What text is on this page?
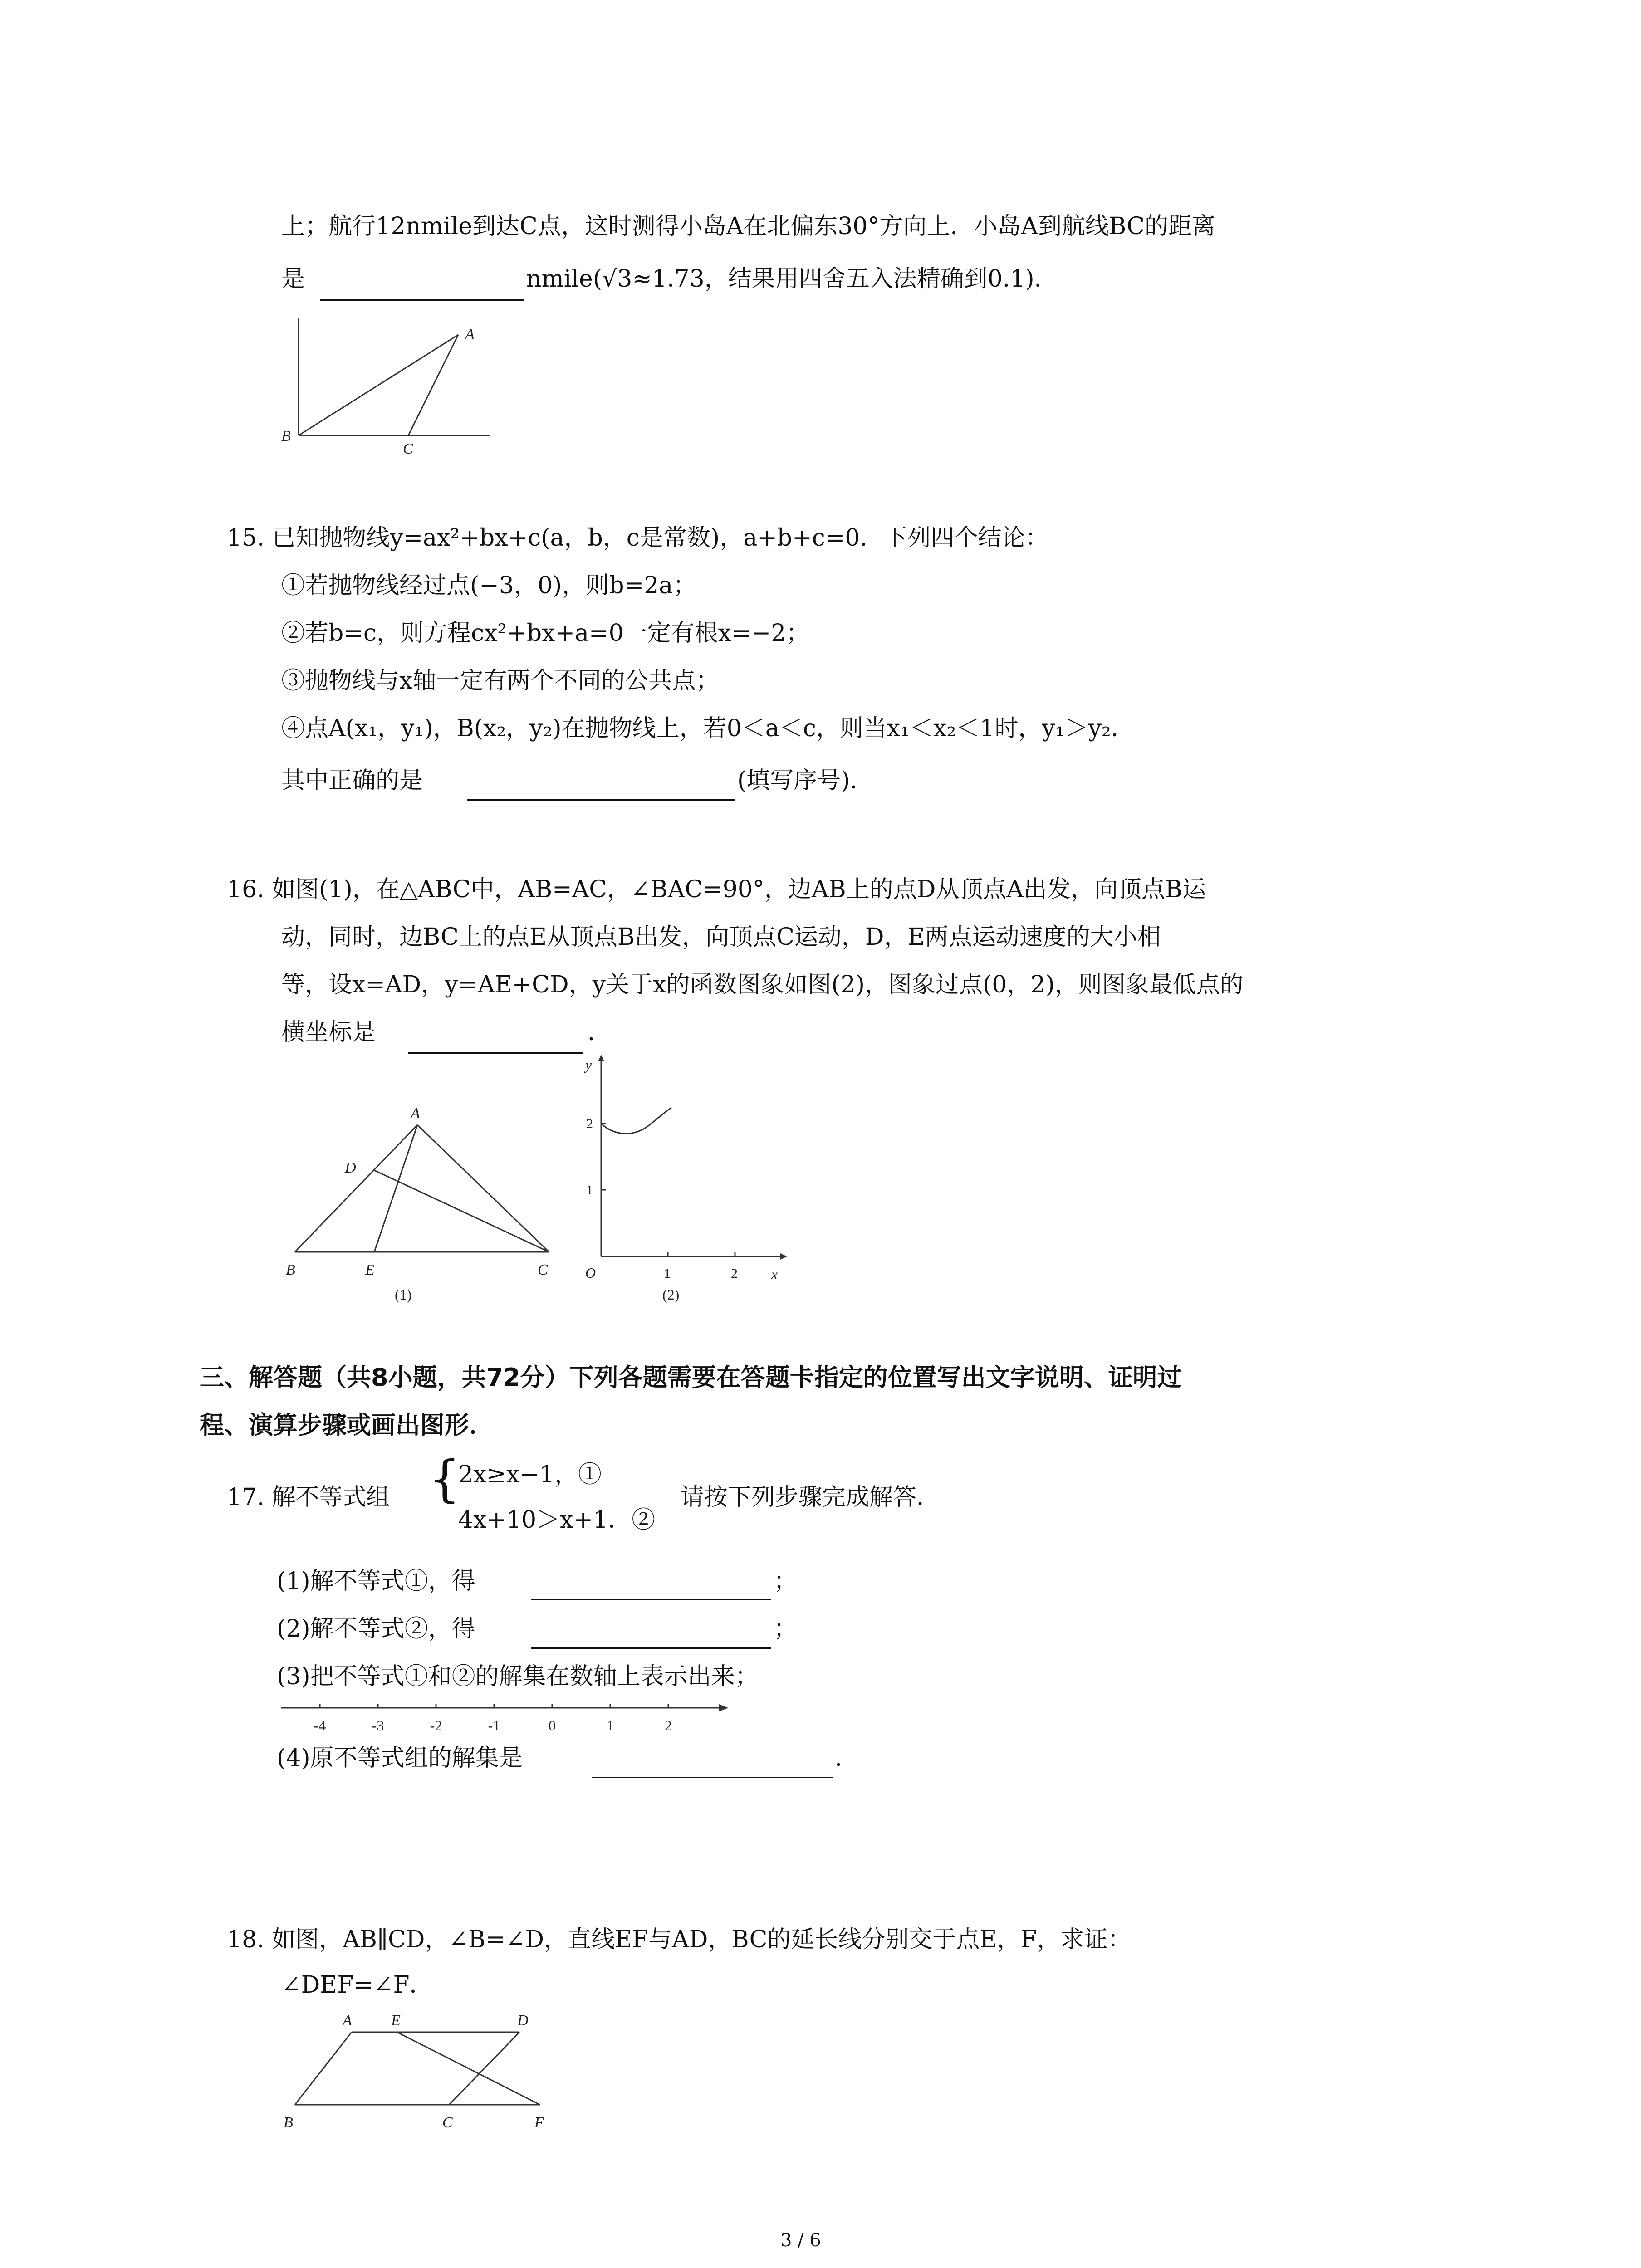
上；航行12nmile到达C点，这时测得小岛A在北偏东30°方向上．小岛A到航线BC的距离
是	nmile(√3≈1.73，结果用四舍五入法精确到0.1)．
A
B
C
15. 已知抛物线y=ax²+bx+c(a，b，c是常数)，a+b+c=0．下列四个结论：
①若抛物线经过点(−3，0)，则b=2a；
②若b=c，则方程cx²+bx+a=0一定有根x=−2；
③抛物线与x轴一定有两个不同的公共点；
④点A(x₁，y₁)，B(x₂，y₂)在抛物线上，若0＜a＜c，则当x₁＜x₂＜1时，y₁＞y₂．
其中正确的是	(填写序号)．
16. 如图(1)，在△ABC中，AB=AC，∠BAC=90°，边AB上的点D从顶点A出发，向顶点B运
动，同时，边BC上的点E从顶点B出发，向顶点C运动，D，E两点运动速度的大小相
等，设x=AD，y=AE+CD，y关于x的函数图象如图(2)，图象过点(0，2)，则图象最低点的
横坐标是	．
A
B	C
D
E
(1)
y
x
O	1	2
1
2
(2)
三、解答题（共8小题，共72分）下列各题需要在答题卡指定的位置写出文字说明、证明过
程、演算步骤或画出图形．
17. 解不等式组 {
2x≥x−1，①
4x+10＞x+1．②
请按下列步骤完成解答．
(1)解不等式①，得	；
(2)解不等式②，得	；
(3)把不等式①和②的解集在数轴上表示出来；
-4	-3	-2	-1	0	1	2
(4)原不等式组的解集是	．
18. 如图，AB∥CD，∠B=∠D，直线EF与AD，BC的延长线分别交于点E，F，求证：
∠DEF=∠F．
A	E	D
B	C	F
3 / 6
